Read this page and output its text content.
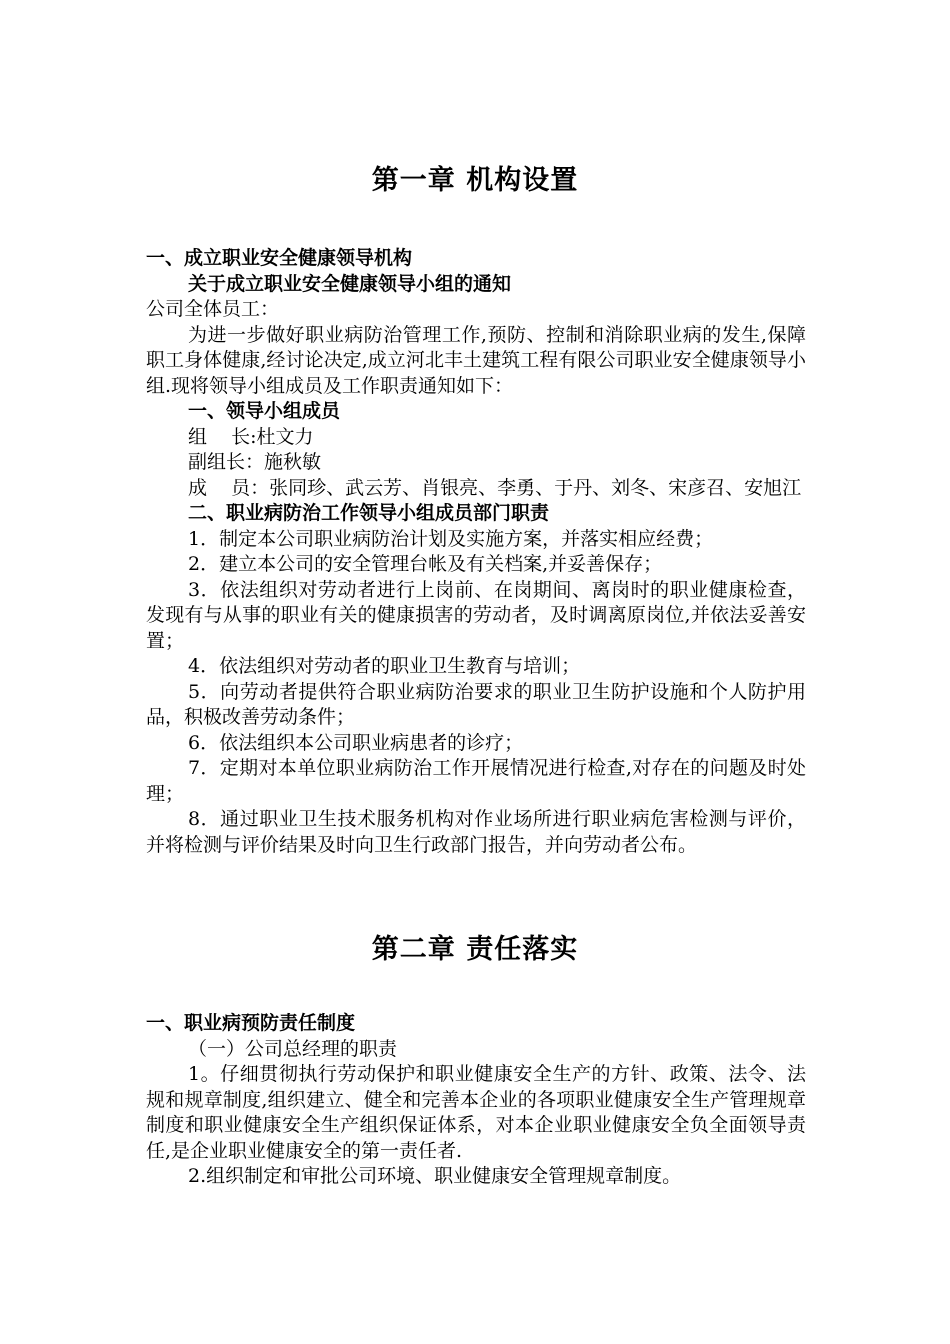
第一章 机构设置

一、成立职业安全健康领导机构

关于成立职业安全健康领导小组的通知

公司全体员工：

为进一步做好职业病防治管理工作,预防、控制和消除职业病的发生,保障职工身体健康,经讨论决定,成立河北丰土建筑工程有限公司职业安全健康领导小组.现将领导小组成员及工作职责通知如下：

一、领导小组成员

组    长:杜文力

副组长：施秋敏

成    员：张同珍、武云芳、肖银亮、李勇、于丹、刘冬、宋彦召、安旭江

二、职业病防治工作领导小组成员部门职责

1．制定本公司职业病防治计划及实施方案，并落实相应经费；

2．建立本公司的安全管理台帐及有关档案,并妥善保存；

3．依法组织对劳动者进行上岗前、在岗期间、离岗时的职业健康检查，发现有与从事的职业有关的健康损害的劳动者，及时调离原岗位,并依法妥善安置；

4．依法组织对劳动者的职业卫生教育与培训；

5．向劳动者提供符合职业病防治要求的职业卫生防护设施和个人防护用品，积极改善劳动条件；

6．依法组织本公司职业病患者的诊疗；

7．定期对本单位职业病防治工作开展情况进行检查,对存在的问题及时处理；

8．通过职业卫生技术服务机构对作业场所进行职业病危害检测与评价，并将检测与评价结果及时向卫生行政部门报告，并向劳动者公布。

第二章 责任落实

一、职业病预防责任制度

（一）公司总经理的职责

1。仔细贯彻执行劳动保护和职业健康安全生产的方针、政策、法令、法规和规章制度,组织建立、健全和完善本企业的各项职业健康安全生产管理规章制度和职业健康安全生产组织保证体系，对本企业职业健康安全负全面领导责任,是企业职业健康安全的第一责任者.

2.组织制定和审批公司环境、职业健康安全管理规章制度。
